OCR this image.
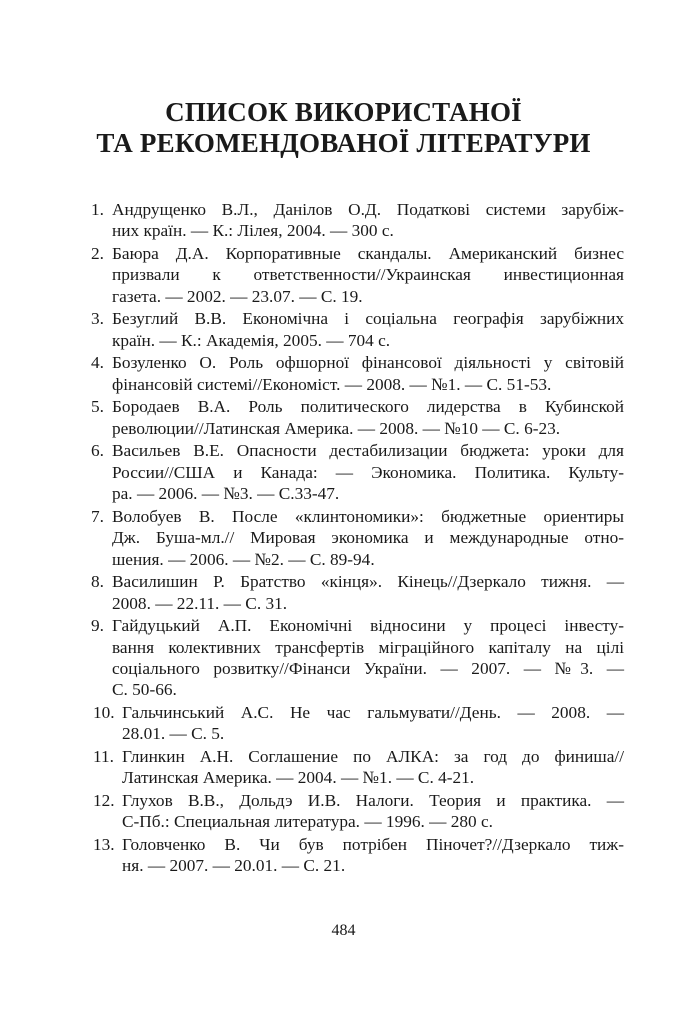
СПИСОК ВИКОРИСТАНОЇ
ТА РЕКОМЕНДОВАНОЇ ЛІТЕРАТУРИ
1. Андрущенко В.Л., Данілов О.Д. Податкові системи зарубіж-
них країн. — К.: Лілея, 2004. — 300 с.
2. Баюра Д.А. Корпоративные скандалы. Американский бизнес
призвали к ответственности//Украинская инвестиционная
газета. — 2002. — 23.07. — С. 19.
3. Безуглий В.В. Економічна і соціальна географія зарубіжних
країн. — К.: Академія, 2005. — 704 с.
4. Бозуленко О. Роль офшорної фінансової діяльності у світовій
фінансовій системі//Економіст. — 2008. — №1. — С. 51-53.
5. Бородаев В.А. Роль политического лидерства в Кубинской
революции//Латинская Америка. — 2008. — №10 — С. 6-23.
6. Васильев В.Е. Опасности дестабилизации бюджета: уроки для
России//США и Канада: — Экономика. Политика. Культу-
ра. — 2006. — №3. — С.33-47.
7. Волобуев В. После «клинтономики»: бюджетные ориентиры
Дж. Буша-мл.// Мировая экономика и международные отно-
шения. — 2006. — №2. — С. 89-94.
8. Василишин Р. Братство «кінця». Кінець//Дзеркало тижня. —
2008. — 22.11. — С. 31.
9. Гайдуцький А.П. Економічні відносини у процесі інвесту-
вання колективних трансфертів міграційного капіталу на цілі
соціального розвитку//Фінанси України. — 2007. — №3. —
С. 50-66.
10. Гальчинський А.С. Не час гальмувати//День. — 2008. —
28.01. — С. 5.
11. Глинкин А.Н. Соглашение по АЛКА: за год до финиша//
Латинская Америка. — 2004. — №1. — С. 4-21.
12. Глухов В.В., Дольдэ И.В. Налоги. Теория и практика. —
С-Пб.: Специальная литература. — 1996. — 280 с.
13. Головченко В. Чи був потрібен Піночет?//Дзеркало тиж-
ня. — 2007. — 20.01. — С. 21.
484
